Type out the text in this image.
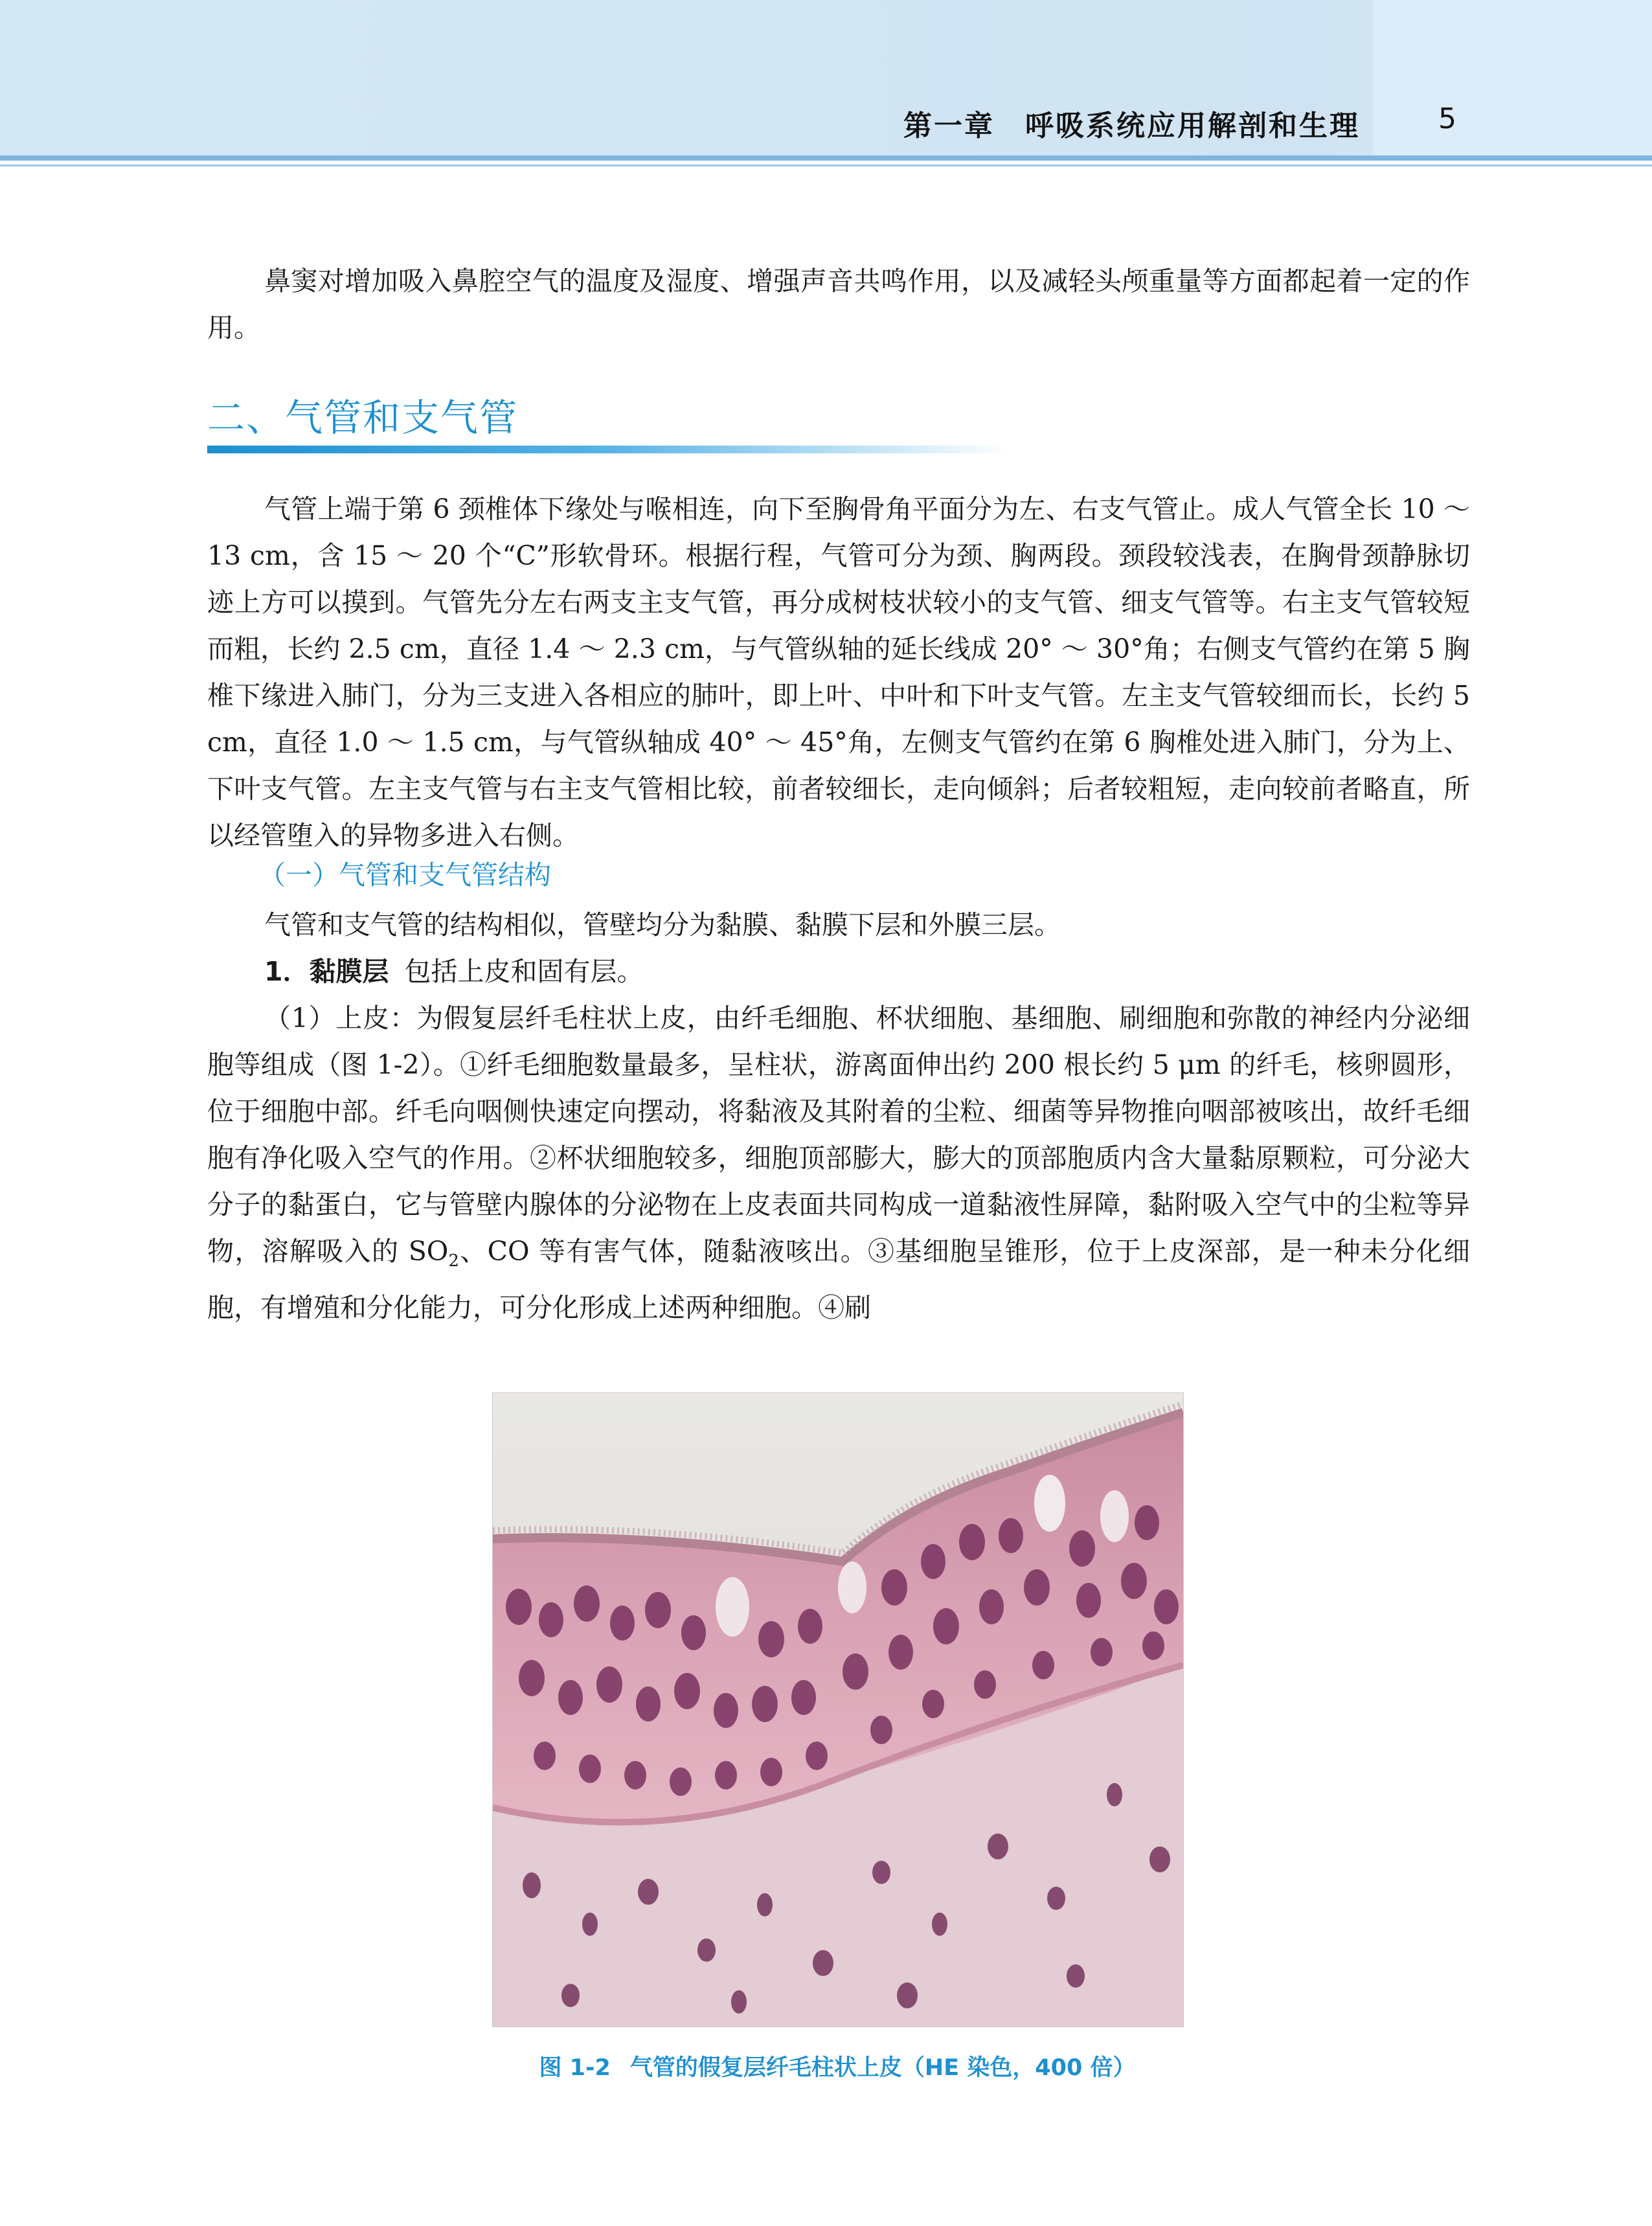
第一章　呼吸系统应用解剖和生理	5

鼻窦对增加吸入鼻腔空气的温度及湿度、增强声音共鸣作用，以及减轻头颅重量等方面都起着一定的作用。

二、气管和支气管

气管上端于第 6 颈椎体下缘处与喉相连，向下至胸骨角平面分为左、右支气管止。成人气管全长 10 ～ 13 cm，含 15 ～ 20 个“C”形软骨环。根据行程，气管可分为颈、胸两段。颈段较浅表，在胸骨颈静脉切迹上方可以摸到。气管先分左右两支主支气管，再分成树枝状较小的支气管、细支气管等。右主支气管较短而粗，长约 2.5 cm，直径 1.4 ～ 2.3 cm，与气管纵轴的延长线成 20° ～ 30°角；右侧支气管约在第 5 胸椎下缘进入肺门，分为三支进入各相应的肺叶，即上叶、中叶和下叶支气管。左主支气管较细而长，长约 5 cm，直径 1.0 ～ 1.5 cm，与气管纵轴成 40° ～ 45°角，左侧支气管约在第 6 胸椎处进入肺门，分为上、下叶支气管。左主支气管与右主支气管相比较，前者较细长，走向倾斜；后者较粗短，走向较前者略直，所以经管堕入的异物多进入右侧。

（一）气管和支气管结构

气管和支气管的结构相似，管壁均分为黏膜、黏膜下层和外膜三层。

1．黏膜层 包括上皮和固有层。

（1）上皮：为假复层纤毛柱状上皮，由纤毛细胞、杯状细胞、基细胞、刷细胞和弥散的神经内分泌细胞等组成（图 1-2）。①纤毛细胞数量最多，呈柱状，游离面伸出约 200 根长约 5 μm 的纤毛，核卵圆形，位于细胞中部。纤毛向咽侧快速定向摆动，将黏液及其附着的尘粒、细菌等异物推向咽部被咳出，故纤毛细胞有净化吸入空气的作用。②杯状细胞较多，细胞顶部膨大，膨大的顶部胞质内含大量黏原颗粒，可分泌大分子的黏蛋白，它与管壁内腺体的分泌物在上皮表面共同构成一道黏液性屏障，黏附吸入空气中的尘粒等异物，溶解吸入的 $SO_2$、CO 等有害气体，随黏液咳出。③基细胞呈锥形，位于上皮深部，是一种未分化细胞，有增殖和分化能力，可分化形成上述两种细胞。④刷

图 1-2 气管的假复层纤毛柱状上皮（HE 染色，400 倍）
